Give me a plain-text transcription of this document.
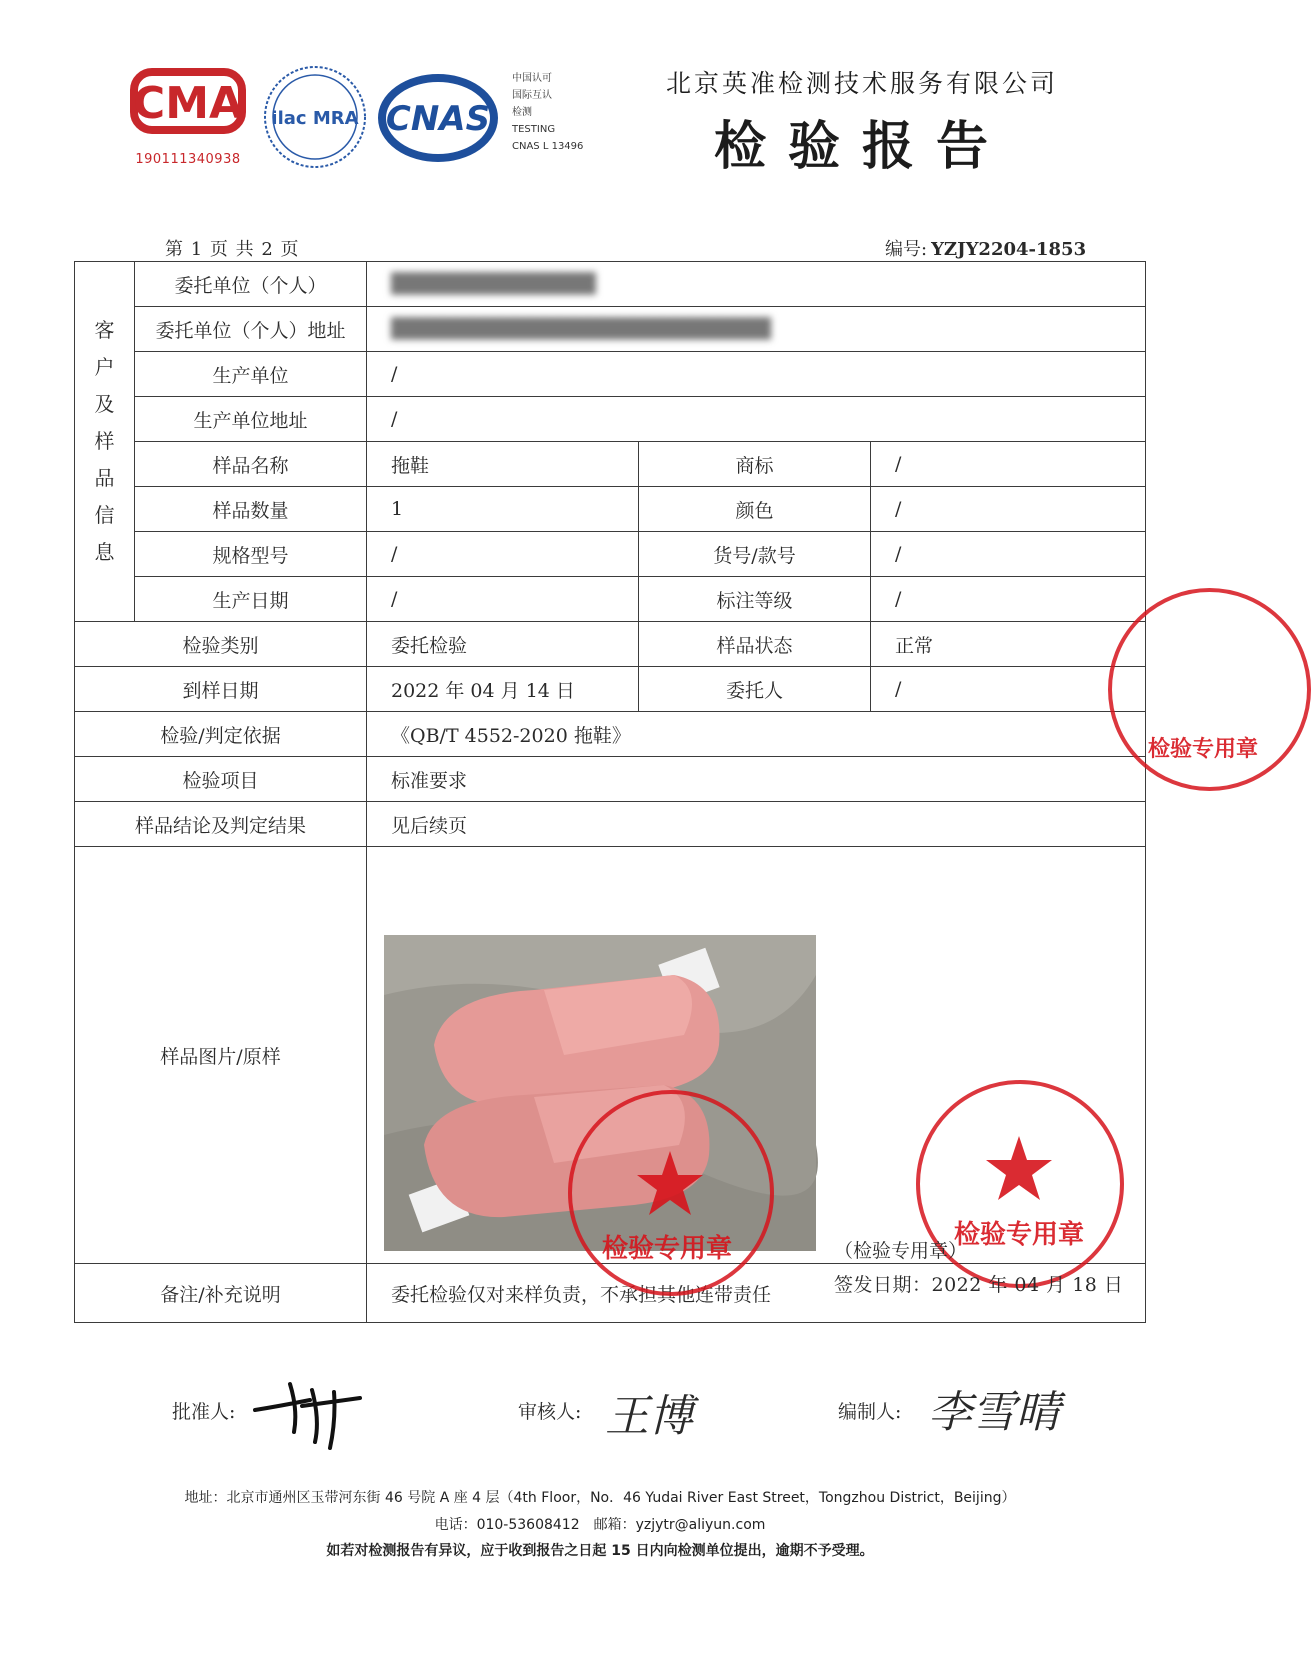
CMA
190111340938
ilac MRA CNAS
中国认可
国际互认
检测
TESTING
CNAS L 13496
北京英准检测技术服务有限公司
检验报告
第 1 页 共 2 页	编号: YZJY2204-1853
客户及样品信息	委托单位（个人）	██████████████		
	委托单位（个人）地址	██████████████████████████		
	生产单位	/		
	生产单位地址	/		
	样品名称	拖鞋	商标	/
	样品数量	1	颜色	/
	规格型号	/	货号/款号	/
	生产日期	/	标注等级	/
检验类别		委托检验	样品状态	正常
到样日期		2022 年 04 月 14 日	委托人	/
检验/判定依据		《QB/T 4552-2020 拖鞋》		
检验项目		标准要求		
样品结论及判定结果		见后续页		
样品图片/原样				
备注/补充说明		委托检验仅对来样负责，不承担其他连带责任		
检验专用章
检验专用章	检验专用章
（检验专用章）
签发日期：2022 年 04 月 18 日
批准人:	审核人: 王博	编制人: 李雪晴
地址：北京市通州区玉带河东街 46 号院 A 座 4 层（4th Floor，No．46 Yudai River East Street，Tongzhou District，Beijing）
电话：010-53608412　邮箱：yzjytr@aliyun.com
如若对检测报告有异议，应于收到报告之日起 15 日内向检测单位提出，逾期不予受理。
